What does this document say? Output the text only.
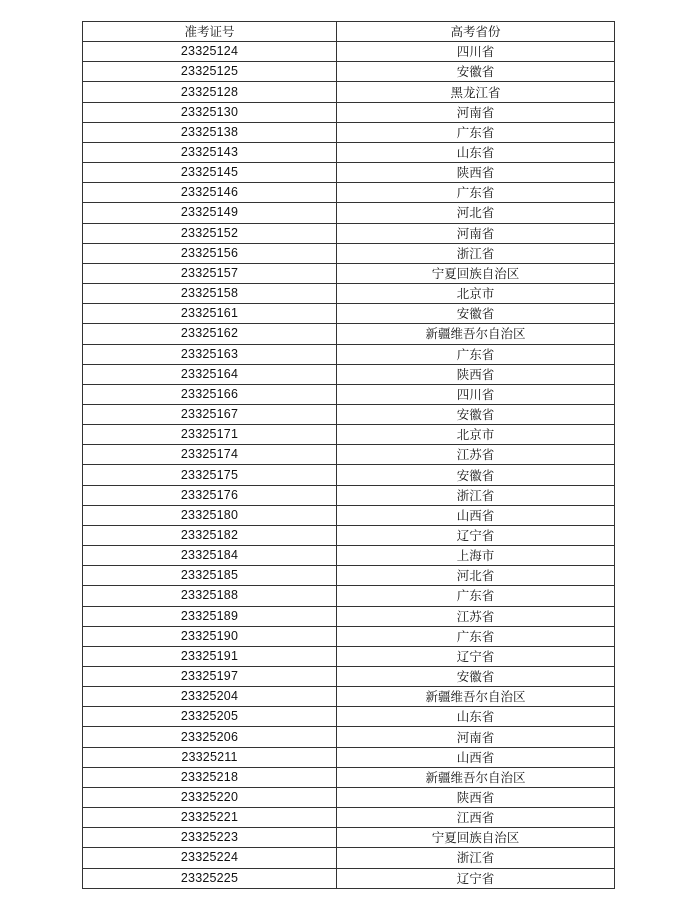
准考证号	高考省份
23325124	四川省
23325125	安徽省
23325128	黑龙江省
23325130	河南省
23325138	广东省
23325143	山东省
23325145	陕西省
23325146	广东省
23325149	河北省
23325152	河南省
23325156	浙江省
23325157	宁夏回族自治区
23325158	北京市
23325161	安徽省
23325162	新疆维吾尔自治区
23325163	广东省
23325164	陕西省
23325166	四川省
23325167	安徽省
23325171	北京市
23325174	江苏省
23325175	安徽省
23325176	浙江省
23325180	山西省
23325182	辽宁省
23325184	上海市
23325185	河北省
23325188	广东省
23325189	江苏省
23325190	广东省
23325191	辽宁省
23325197	安徽省
23325204	新疆维吾尔自治区
23325205	山东省
23325206	河南省
23325211	山西省
23325218	新疆维吾尔自治区
23325220	陕西省
23325221	江西省
23325223	宁夏回族自治区
23325224	浙江省
23325225	辽宁省
